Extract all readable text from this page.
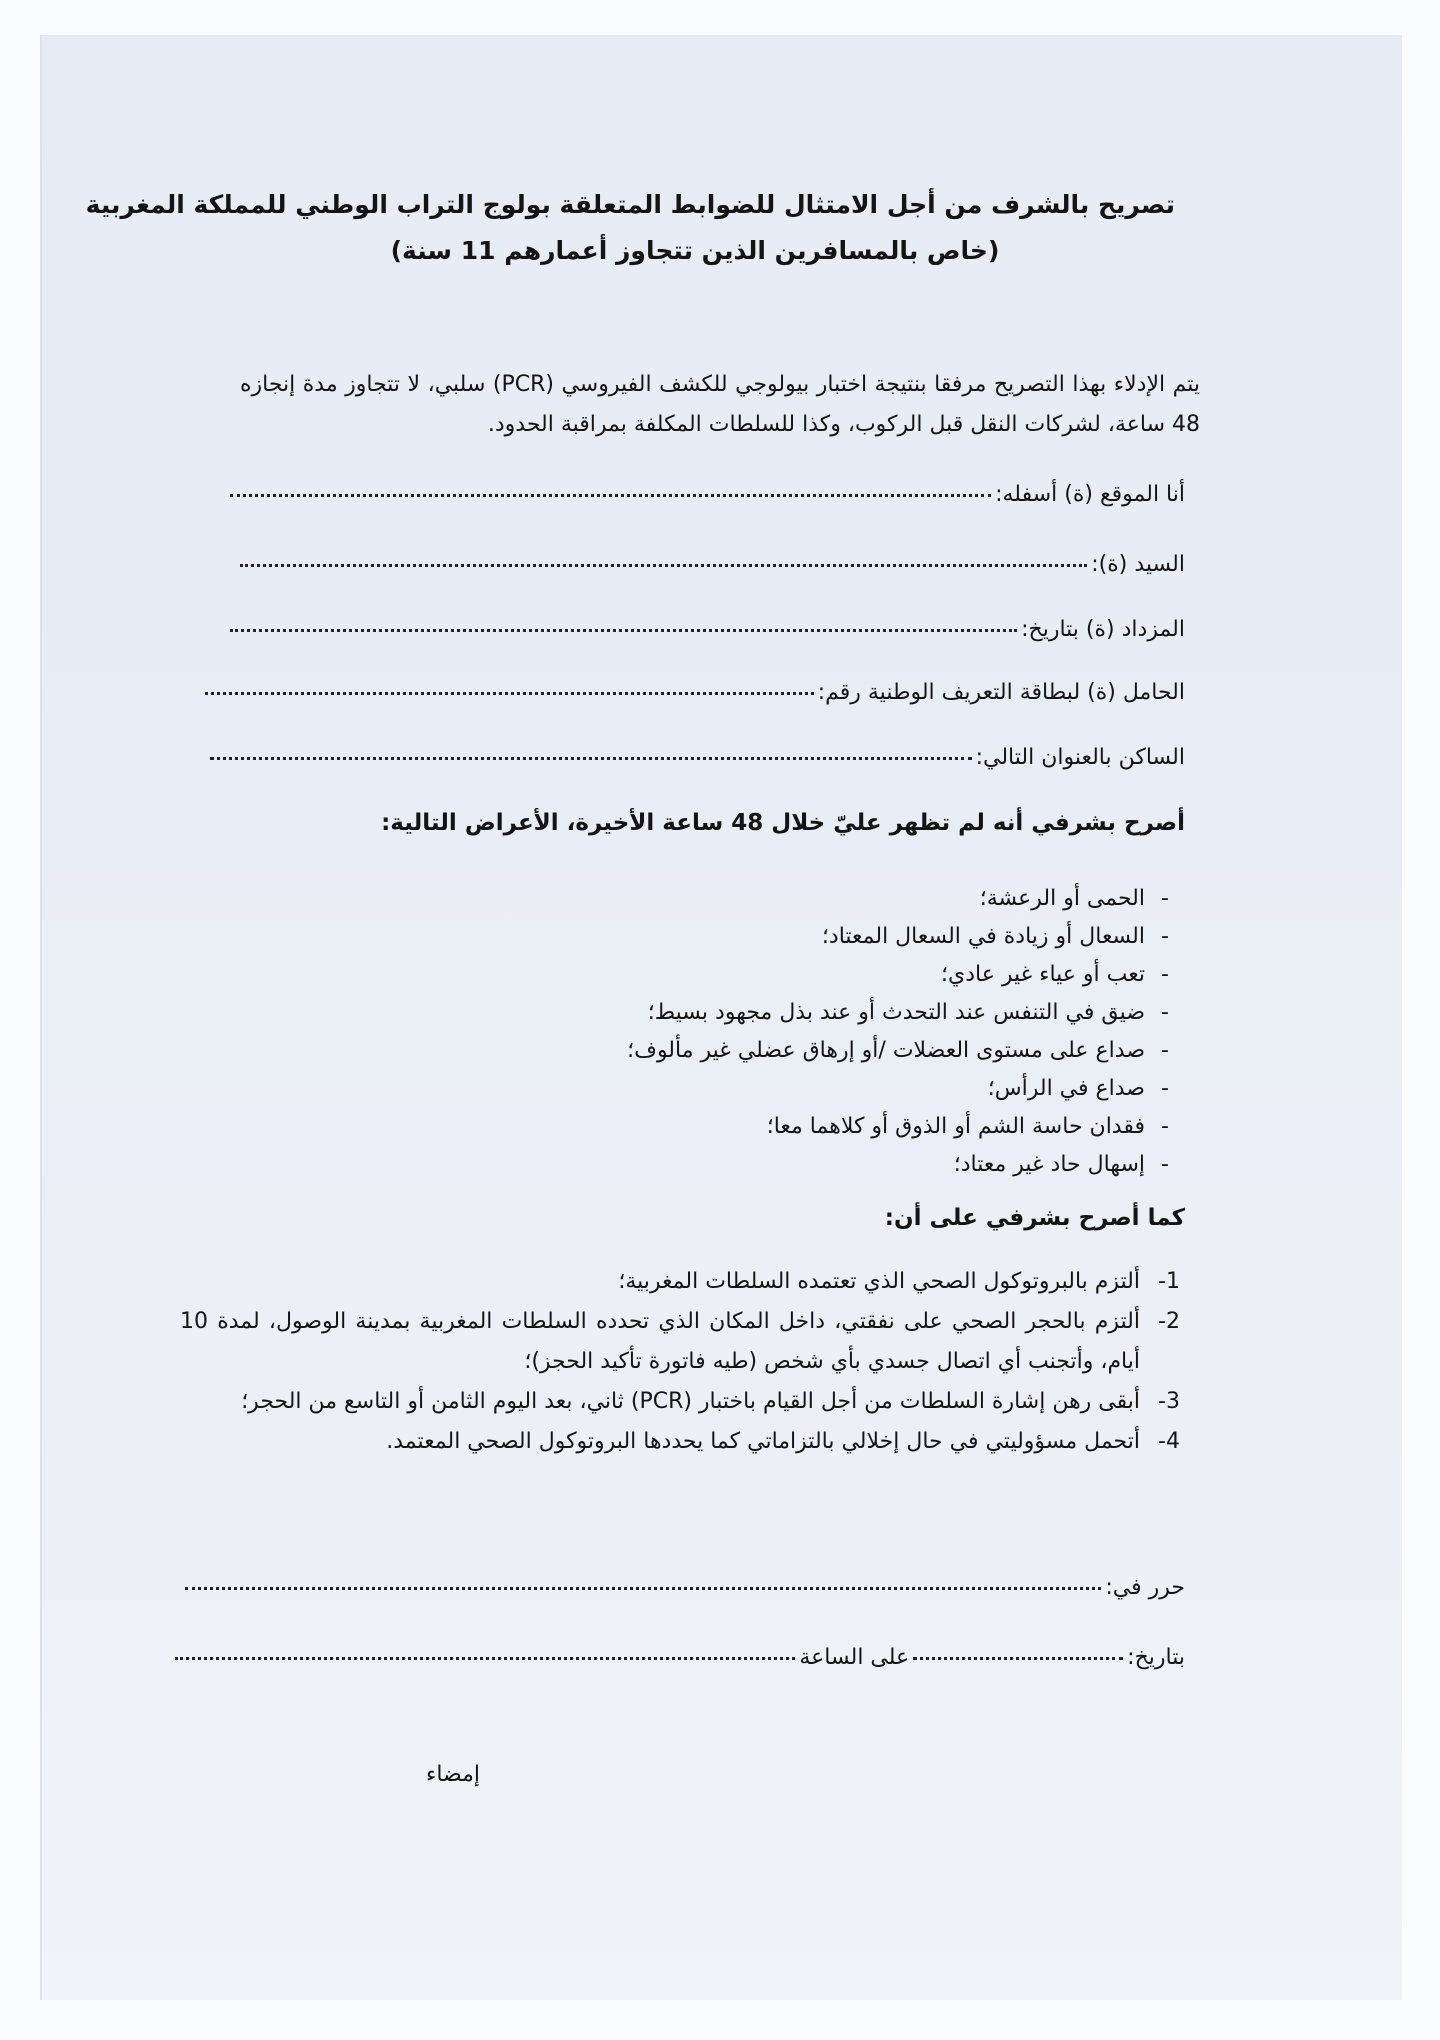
تصريح بالشرف من أجل الامتثال للضوابط المتعلقة بولوج التراب الوطني للمملكة المغربية
(خاص بالمسافرين الذين تتجاوز أعمارهم 11 سنة)
يتم الإدلاء بهذا التصريح مرفقا بنتيجة اختبار بيولوجي للكشف الفيروسي (PCR) سلبي، لا تتجاوز مدة إنجازه 48 ساعة، لشركات النقل قبل الركوب، وكذا للسلطات المكلفة بمراقبة الحدود.
أنا الموقع (ة) أسفله:
السيد (ة):
المزداد (ة) بتاريخ:
الحامل (ة) لبطاقة التعريف الوطنية رقم:
الساكن بالعنوان التالي:
أصرح بشرفي أنه لم تظهر عليّ خلال 48 ساعة الأخيرة، الأعراض التالية:
-
الحمى أو الرعشة؛
-
السعال أو زيادة في السعال المعتاد؛
-
تعب أو عياء غير عادي؛
-
ضيق في التنفس عند التحدث أو عند بذل مجهود بسيط؛
-
صداع على مستوى العضلات /أو إرهاق عضلي غير مألوف؛
-
صداع في الرأس؛
-
فقدان حاسة الشم أو الذوق أو كلاهما معا؛
-
إسهال حاد غير معتاد؛
كما أصرح بشرفي على أن:
1-
ألتزم بالبروتوكول الصحي الذي تعتمده السلطات المغربية؛
2-
ألتزم بالحجر الصحي على نفقتي، داخل المكان الذي تحدده السلطات المغربية بمدينة الوصول، لمدة 10 أيام، وأتجنب أي اتصال جسدي بأي شخص (طيه فاتورة تأكيد الحجز)؛
3-
أبقى رهن إشارة السلطات من أجل القيام باختبار (PCR) ثاني، بعد اليوم الثامن أو التاسع من الحجر؛
4-
أتحمل مسؤوليتي في حال إخلالي بالتزاماتي كما يحددها البروتوكول الصحي المعتمد.
حرر في:
بتاريخ:
على الساعة
إمضاء
